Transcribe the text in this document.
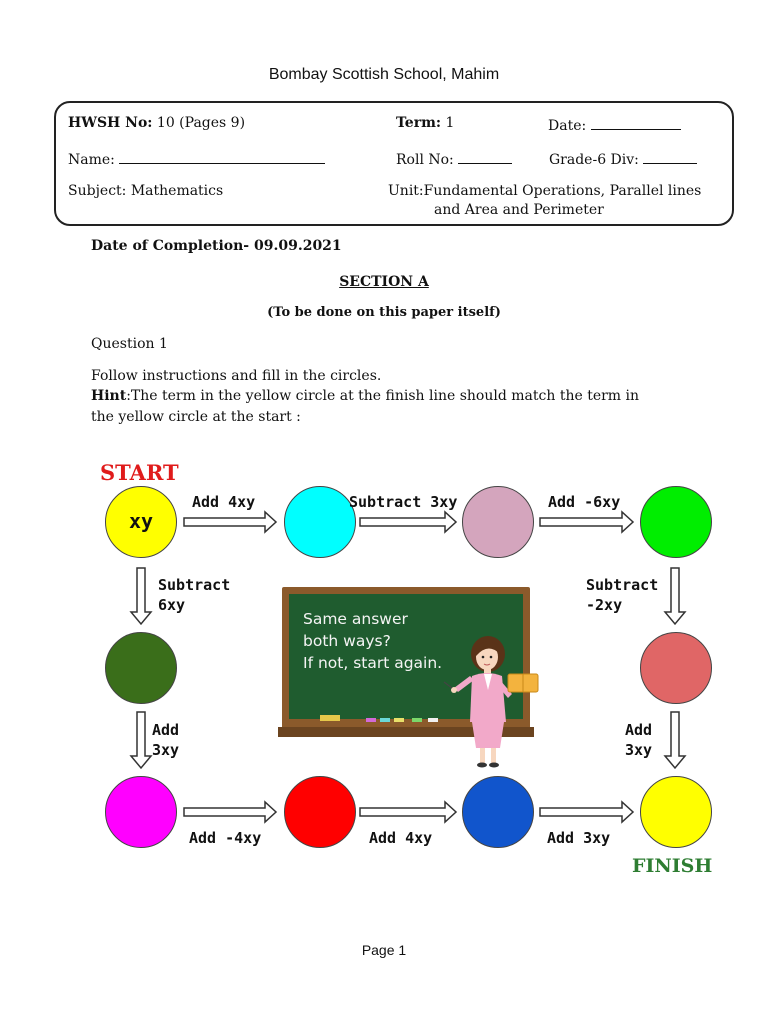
Bombay Scottish School, Mahim
HWSH No: 10 (Pages 9)	Term: 1	Date:
Name:	Roll No:	Grade-6 Div:
Subject: Mathematics	Unit:Fundamental Operations, Parallel lines
and Area and Perimeter
Date of Completion- 09.09.2021
SECTION A
(To be done on this paper itself)
Question 1
Follow instructions and fill in the circles.
Hint:The term in the yellow circle at the finish line should match the term in
the yellow circle at the start :
START
FINISH
xy
Add 4xy	Subtract 3xy	Add -6xy
Subtract
6xy
Add
3xy
Subtract
-2xy
Add
3xy
Add -4xy	Add 4xy	Add 3xy
Same answer
both ways?
If not, start again.
Page 1
